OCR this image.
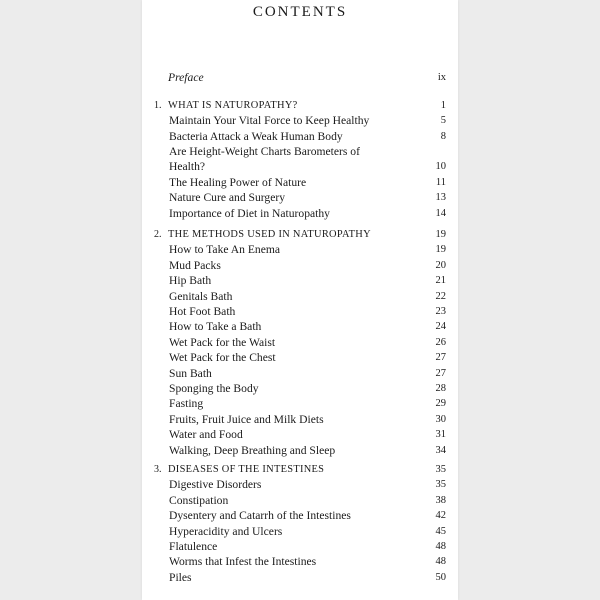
CONTENTS
Preface	ix
1. WHAT IS NATUROPATHY?	1
Maintain Your Vital Force to Keep Healthy	5
Bacteria Attack a Weak Human Body	8
Are Height-Weight Charts Barometers of
Health?	10
The Healing Power of Nature	11
Nature Cure and Surgery	13
Importance of Diet in Naturopathy	14
2. THE METHODS USED IN NATUROPATHY	19
How to Take An Enema	19
Mud Packs	20
Hip Bath	21
Genitals Bath	22
Hot Foot Bath	23
How to Take a Bath	24
Wet Pack for the Waist	26
Wet Pack for the Chest	27
Sun Bath	27
Sponging the Body	28
Fasting	29
Fruits, Fruit Juice and Milk Diets	30
Water and Food	31
Walking, Deep Breathing and Sleep	34
3. DISEASES OF THE INTESTINES	35
Digestive Disorders	35
Constipation	38
Dysentery and Catarrh of the Intestines	42
Hyperacidity and Ulcers	45
Flatulence	48
Worms that Infest the Intestines	48
Piles	50
